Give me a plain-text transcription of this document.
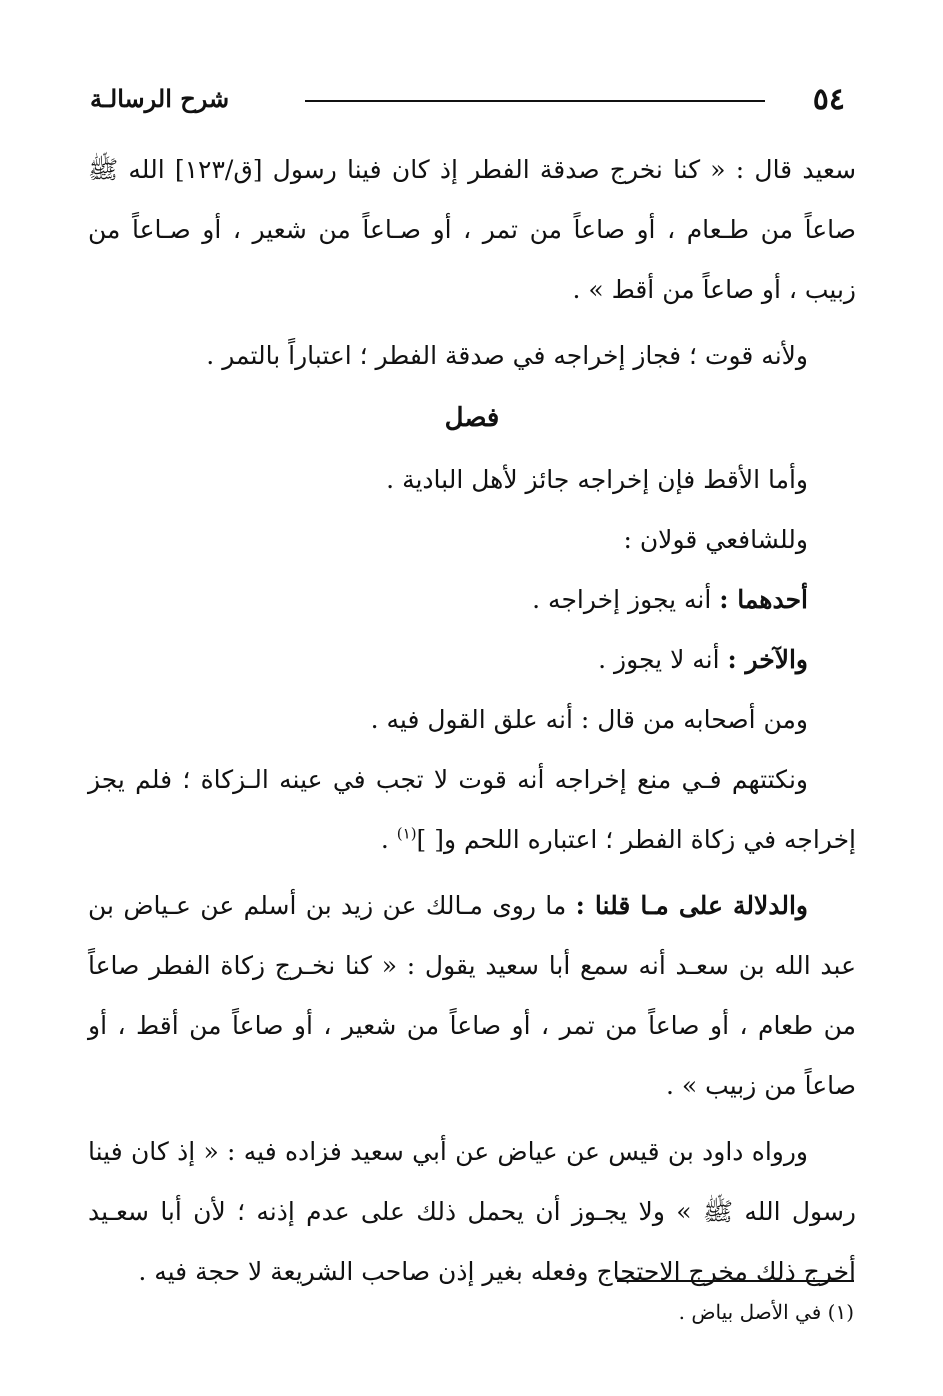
٥٤
شرح الرسالـة

سعيد قال : « كنا نخرج صدقة الفطر إذ كان فينا رسول [ق/١٢٣] الله ﷺ صاعاً من طـعام ، أو صاعاً من تمر ، أو صـاعاً من شعير ، أو صـاعاً من زبيب ، أو صاعاً من أقط » .

ولأنه قوت ؛ فجاز إخراجه في صدقة الفطر ؛ اعتباراً بالتمر .

فصل

وأما الأقط فإن إخراجه جائز لأهل البادية .

وللشافعي قولان :

أحدهما : أنه يجوز إخراجه .

والآخر : أنه لا يجوز .

ومن أصحابه من قال : أنه علق القول فيه .

ونكتتهم فـي منع إخراجه أنه قوت لا تجب في عينه الـزكاة ؛ فلم يجز إخراجه في زكاة الفطر ؛ اعتباره اللحم و[ ]$^{(١)}$ .

والدلالة على مـا قلنا : ما روى مـالك عن زيد بن أسلم عن عـياض بن عبد الله بن سعـد أنه سمع أبا سعيد يقول : « كنا نخـرج زكاة الفطر صاعاً من طعام ، أو صاعاً من تمر ، أو صاعاً من شعير ، أو صاعاً من أقط ، أو صاعاً من زبيب » .

ورواه داود بن قيس عن عياض عن أبي سعيد فزاده فيه : « إذ كان فينا رسول الله ﷺ » ولا يجـوز أن يحمل ذلك على عدم إذنه ؛ لأن أبا سعـيد أخرج ذلك مخرج الاحتجاج وفعله بغير إذن صاحب الشريعة لا حجة فيه .

(١) في الأصل بياض .
